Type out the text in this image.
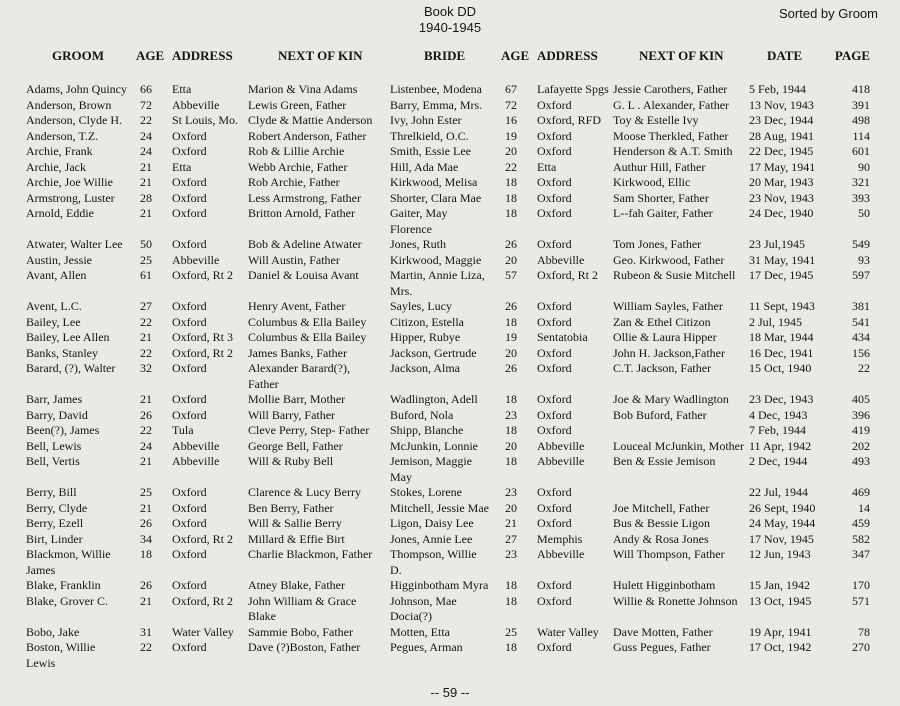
Book DD
1940-1945
Sorted by Groom
GROOM	AGE	ADDRESS	NEXT OF KIN	BRIDE	AGE	ADDRESS	NEXT OF KIN	DATE	PAGE
Adams, John Quincy	66	Etta	Marion & Vina Adams	Listenbee, Modena	67	Lafayette Spgs	Jessie Carothers, Father	5 Feb, 1944	418
Anderson, Brown	72	Abbeville	Lewis Green, Father	Barry, Emma, Mrs.	72	Oxford	G. L . Alexander, Father	13 Nov, 1943	391
Anderson, Clyde H.	22	St Louis, Mo.	Clyde & Mattie Anderson	Ivy, John Ester	16	Oxford, RFD	Toy & Estelle Ivy	23 Dec, 1944	498
Anderson, T.Z.	24	Oxford	Robert Anderson, Father	Threlkield, O.C.	19	Oxford	Moose Therkled, Father	28 Aug, 1941	114
Archie, Frank	24	Oxford	Rob & Lillie Archie	Smith, Essie Lee	20	Oxford	Henderson & A.T. Smith	22 Dec, 1945	601
Archie, Jack	21	Etta	Webb Archie, Father	Hill, Ada Mae	22	Etta	Authur Hill, Father	17 May, 1941	90
Archie, Joe Willie	21	Oxford	Rob Archie, Father	Kirkwood, Melisa	18	Oxford	Kirkwood, Ellic	20 Mar, 1943	321
Armstrong, Luster	28	Oxford	Less Armstrong, Father	Shorter, Clara Mae	18	Oxford	Sam Shorter, Father	23 Nov, 1943	393
Arnold, Eddie	21	Oxford	Britton Arnold, Father	Gaiter, May
Florence	18	Oxford	L--fah Gaiter, Father	24 Dec, 1940	50
Atwater, Walter Lee	50	Oxford	Bob & Adeline Atwater	Jones, Ruth	26	Oxford	Tom Jones, Father	23 Jul,1945	549
Austin, Jessie	25	Abbeville	Will Austin, Father	Kirkwood, Maggie	20	Abbeville	Geo. Kirkwood, Father	31 May, 1941	93
Avant, Allen	61	Oxford, Rt 2	Daniel & Louisa Avant	Martin, Annie Liza,
Mrs.	57	Oxford, Rt 2	Rubeon & Susie Mitchell	17 Dec, 1945	597
Avent, L.C.	27	Oxford	Henry Avent, Father	Sayles, Lucy	26	Oxford	William Sayles, Father	11 Sept, 1943	381
Bailey, Lee	22	Oxford	Columbus & Ella Bailey	Citizon, Estella	18	Oxford	Zan & Ethel Citizon	2 Jul, 1945	541
Bailey, Lee Allen	21	Oxford, Rt 3	Columbus & Ella Bailey	Hipper, Rubye	19	Sentatobia	Ollie & Laura Hipper	18 Mar, 1944	434
Banks, Stanley	22	Oxford, Rt 2	James Banks, Father	Jackson, Gertrude	20	Oxford	John H. Jackson,Father	16 Dec, 1941	156
Barard, (?), Walter	32	Oxford	Alexander Barard(?),
Father	Jackson, Alma	26	Oxford	C.T. Jackson, Father	15 Oct, 1940	22
Barr, James	21	Oxford	Mollie Barr, Mother	Wadlington, Adell	18	Oxford	Joe & Mary Wadlington	23 Dec, 1943	405
Barry, David	26	Oxford	Will Barry, Father	Buford, Nola	23	Oxford	Bob Buford, Father	4 Dec, 1943	396
Been(?), James	22	Tula	Cleve Perry, Step- Father	Shipp, Blanche	18	Oxford		7 Feb, 1944	419
Bell, Lewis	24	Abbeville	George Bell, Father	McJunkin, Lonnie	20	Abbeville	Louceal McJunkin, Mother	11 Apr, 1942	202
Bell, Vertis	21	Abbeville	Will & Ruby Bell	Jemison, Maggie
May	18	Abbeville	Ben & Essie Jemison	2 Dec, 1944	493
Berry, Bill	25	Oxford	Clarence & Lucy Berry	Stokes, Lorene	23	Oxford		22 Jul, 1944	469
Berry, Clyde	21	Oxford	Ben Berry, Father	Mitchell, Jessie Mae	20	Oxford	Joe Mitchell, Father	26 Sept, 1940	14
Berry, Ezell	26	Oxford	Will & Sallie Berry	Ligon, Daisy Lee	21	Oxford	Bus & Bessie Ligon	24 May, 1944	459
Birt, Linder	34	Oxford, Rt 2	Millard & Effie Birt	Jones, Annie Lee	27	Memphis	Andy & Rosa Jones	17 Nov, 1945	582
Blackmon, Willie
James	18	Oxford	Charlie Blackmon, Father	Thompson, Willie
D.	23	Abbeville	Will Thompson, Father	12 Jun, 1943	347
Blake, Franklin	26	Oxford	Atney Blake, Father	Higginbotham Myra	18	Oxford	Hulett Higginbotham	15 Jan, 1942	170
Blake, Grover C.	21	Oxford, Rt 2	John William & Grace
Blake	Johnson, Mae
Docia(?)	18	Oxford	Willie & Ronette Johnson	13 Oct, 1945	571
Bobo, Jake	31	Water Valley	Sammie Bobo, Father	Motten, Etta	25	Water Valley	Dave Motten, Father	19 Apr, 1941	78
Boston, Willie
Lewis	22	Oxford	Dave (?)Boston, Father	Pegues, Arman	18	Oxford	Guss Pegues, Father	17 Oct, 1942	270
-- 59 --
